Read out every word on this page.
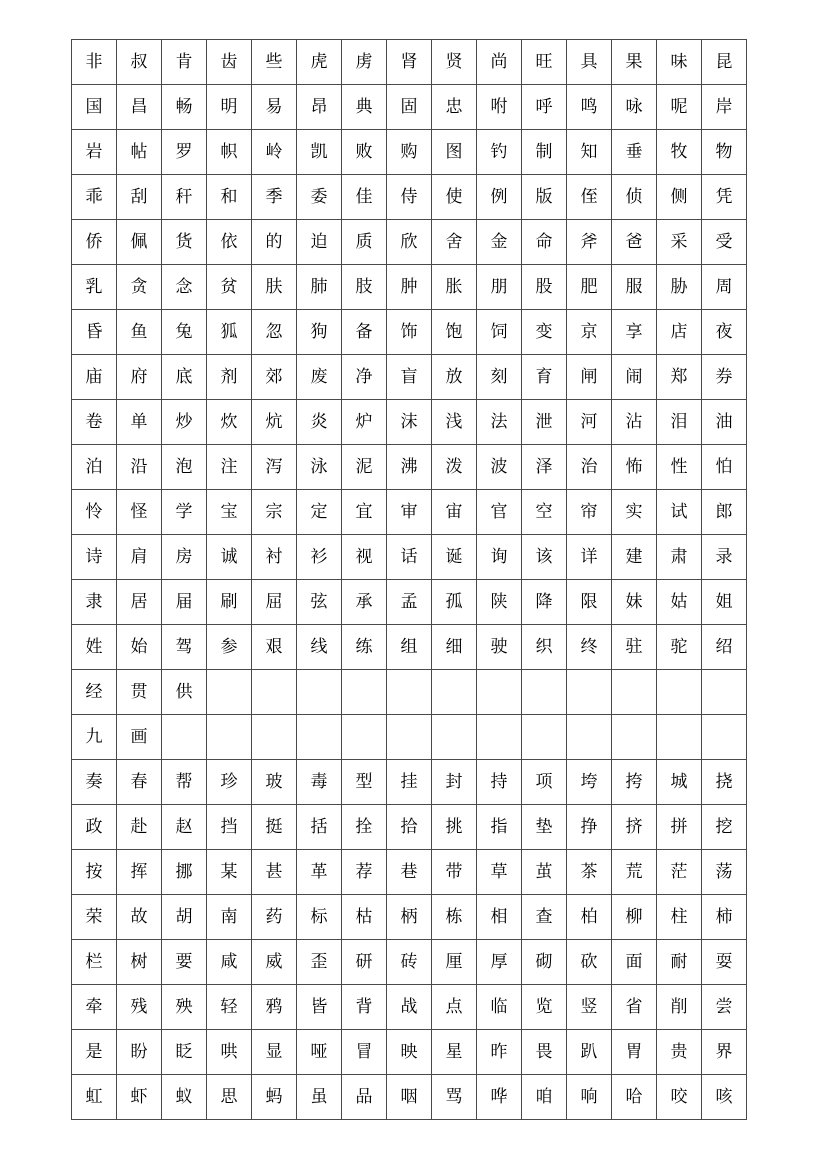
非	叔	肯	齿	些	虎	虏	肾	贤	尚	旺	具	果	味	昆
国	昌	畅	明	易	昂	典	固	忠	咐	呼	鸣	咏	呢	岸
岩	帖	罗	帜	岭	凯	败	购	图	钓	制	知	垂	牧	物
乖	刮	秆	和	季	委	佳	侍	使	例	版	侄	侦	侧	凭
侨	佩	货	依	的	迫	质	欣	舍	金	命	斧	爸	采	受
乳	贪	念	贫	肤	肺	肢	肿	胀	朋	股	肥	服	胁	周
昏	鱼	兔	狐	忽	狗	备	饰	饱	饲	变	京	享	店	夜
庙	府	底	剂	郊	废	净	盲	放	刻	育	闸	闹	郑	券
卷	单	炒	炊	炕	炎	炉	沫	浅	法	泄	河	沾	泪	油
泊	沿	泡	注	泻	泳	泥	沸	泼	波	泽	治	怖	性	怕
怜	怪	学	宝	宗	定	宜	审	宙	官	空	帘	实	试	郎
诗	肩	房	诚	衬	衫	视	话	诞	询	该	详	建	肃	录
隶	居	届	刷	屈	弦	承	孟	孤	陕	降	限	妹	姑	姐
姓	始	驾	参	艰	线	练	组	细	驶	织	终	驻	驼	绍
经	贯	供												
九	画													
奏	春	帮	珍	玻	毒	型	挂	封	持	项	垮	挎	城	挠
政	赴	赵	挡	挺	括	拴	拾	挑	指	垫	挣	挤	拼	挖
按	挥	挪	某	甚	革	荐	巷	带	草	茧	茶	荒	茫	荡
荣	故	胡	南	药	标	枯	柄	栋	相	查	柏	柳	柱	柿
栏	树	要	咸	威	歪	研	砖	厘	厚	砌	砍	面	耐	耍
牵	残	殃	轻	鸦	皆	背	战	点	临	览	竖	省	削	尝
是	盼	眨	哄	显	哑	冒	映	星	昨	畏	趴	胃	贵	界
虹	虾	蚁	思	蚂	虽	品	咽	骂	哗	咱	响	哈	咬	咳
